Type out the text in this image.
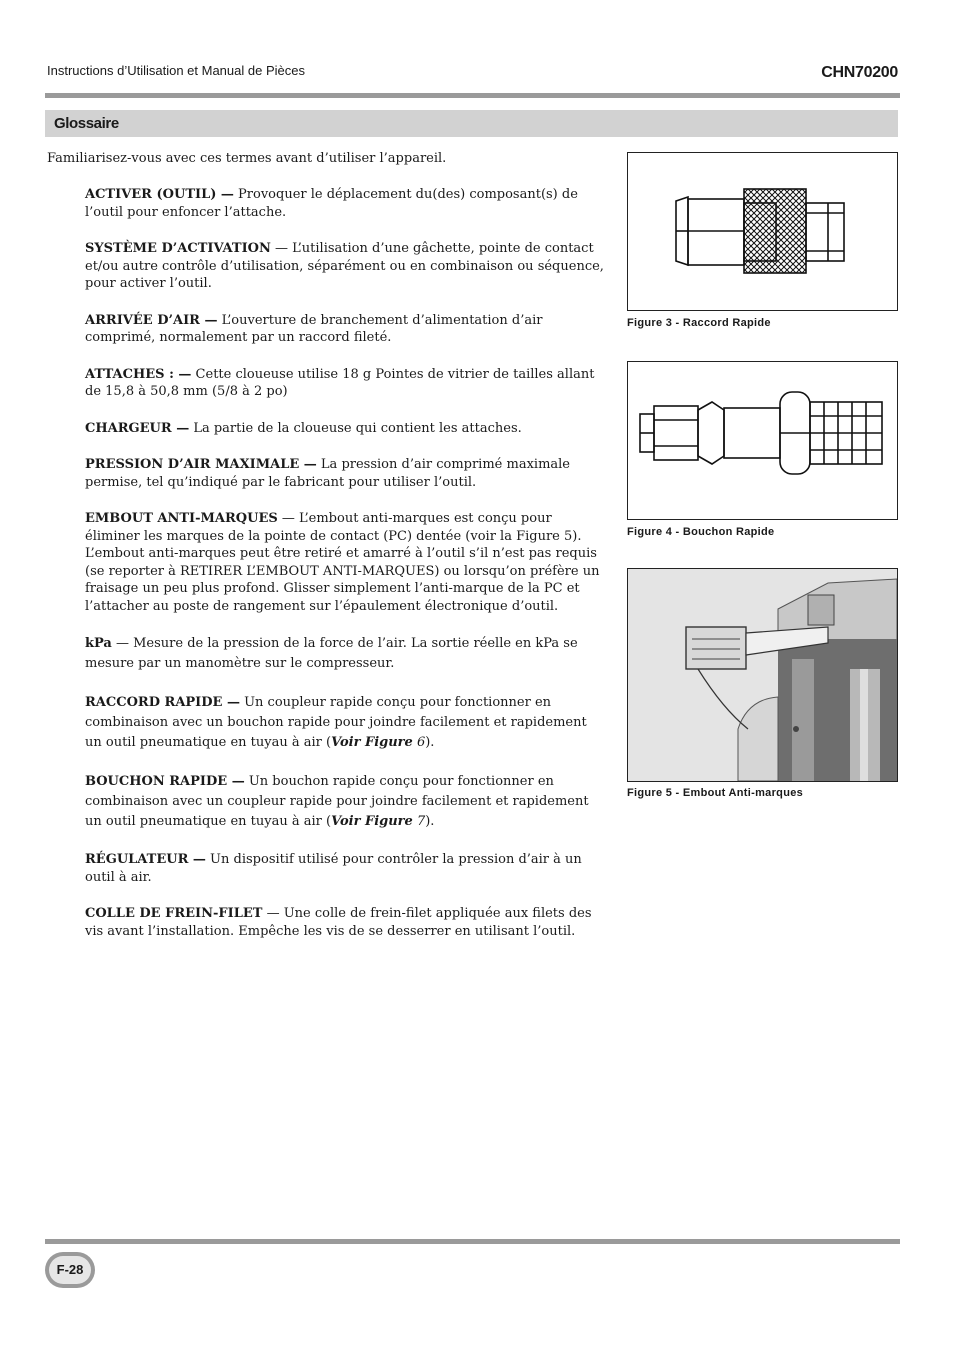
Instructions d’Utilisation et Manual de Pièces	CHN70200
Glossaire
Familiarisez-vous avec ces termes avant d’utiliser l’appareil.

ACTIVER (OUTIL) — Provoquer le déplacement du(des) composant(s) de l’outil pour enfoncer l’attache.

SYSTÈME D’ACTIVATION — L’utilisation d’une gâchette, pointe de contact et/ou autre contrôle d’utilisation, séparément ou en combinaison ou séquence, pour activer l’outil.

ARRIVÉE D’AIR — L’ouverture de branchement d’alimentation d’air comprimé, normalement par un raccord fileté.

ATTACHES : — Cette cloueuse utilise 18 g Pointes de vitrier de tailles allant de 15,8 à 50,8 mm (5/8 à 2 po)

CHARGEUR — La partie de la cloueuse qui contient les attaches.

PRESSION D’AIR MAXIMALE — La pression d’air comprimé maximale permise, tel qu’indiqué par le fabricant pour utiliser l’outil.

EMBOUT ANTI-MARQUES — L’embout anti-marques est conçu pour éliminer les marques de la pointe de contact (PC) dentée (voir la Figure 5). L’embout anti-marques peut être retiré et amarré à l’outil s’il n’est pas requis (se reporter à RETIRER L’EMBOUT ANTI-MARQUES) ou lorsqu’on préfère un fraisage un peu plus profond. Glisser simplement l’anti-marque de la PC et l’attacher au poste de rangement sur l’épaulement électronique d’outil.

kPa — Mesure de la pression de la force de l’air. La sortie réelle en kPa se mesure par un manomètre sur le compresseur.

RACCORD RAPIDE — Un coupleur rapide conçu pour fonctionner en combinaison avec un bouchon rapide pour joindre facilement et rapidement un outil pneumatique en tuyau à air (Voir Figure 6).

BOUCHON RAPIDE — Un bouchon rapide conçu pour fonctionner en combinaison avec un coupleur rapide pour joindre facilement et rapidement un outil pneumatique en tuyau à air (Voir Figure 7).

RÉGULATEUR — Un dispositif utilisé pour contrôler la pression d’air à un outil à air.

COLLE DE FREIN-FILET — Une colle de frein-filet appliquée aux filets des vis avant l’installation. Empêche les vis de se desserrer en utilisant l’outil.

Figure 3 - Raccord Rapide
Figure 4 - Bouchon Rapide
Figure 5 - Embout Anti-marques
F-28
